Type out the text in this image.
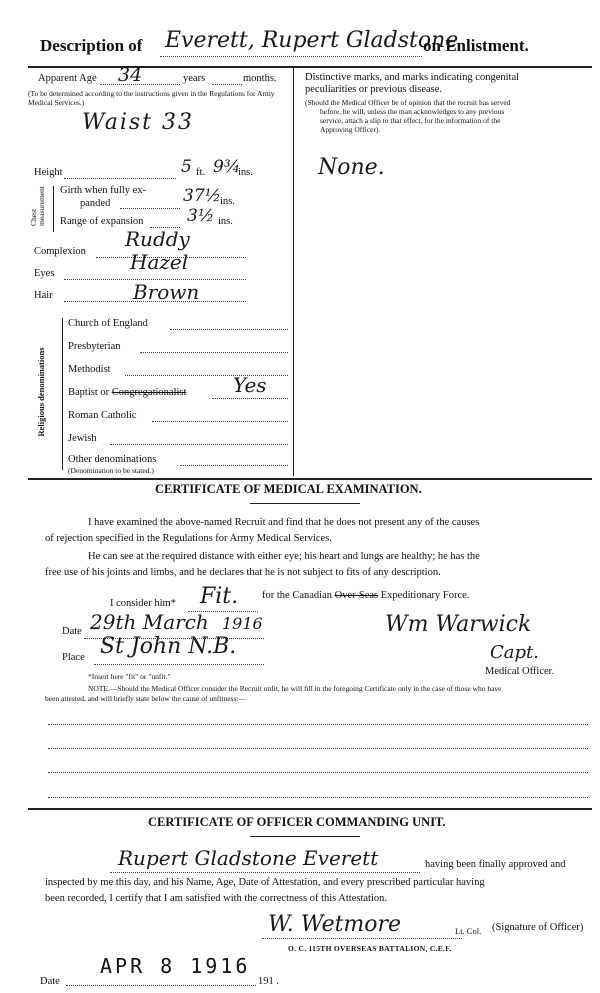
Description of Everett, Rupert Gladstone
on Enlistment.
Apparent Age 34	years	months.
(To be determined according to the instructions given in the Regulations for Army Medical Services.)
Waist 33
Height	5 ft. 9¾
ins.
Chest measurement Girth when fully ex-
panded	37½
ins.
Range of expansion	3½ ins.
Complexion
Ruddy
Eyes	Hazel
Hair	Brown
Religious denominations
Church of England
Presbyterian
Methodist
Baptist or Congregationalist Yes
Roman Catholic
Jewish
Other denominations
(Denomination to be stated.)
Distinctive marks, and marks indicating congenital
peculiarities or previous disease.
(Should the Medical Officer be of opinion that the recruit has served
before, he will, unless the man acknowledges to any previous
service, attach a slip to that effect, for the information of the
Approving Officer).
None.
CERTIFICATE OF MEDICAL EXAMINATION.
I have examined the above-named Recruit and find that he does not present any of the causes
of rejection specified in the Regulations for Army Medical Services.
He can see at the required distance with either eye; his heart and lungs are healthy; he has the
free use of his joints and limbs, and he declares that he is not subject to fits of any description.
I consider him* Fit. for the Canadian Over-Seas Expeditionary Force.
Date 29th March 1916	Wm Warwick
Capt.
Medical Officer.
Place St John N.B.
*Insert here "fit" or "unfit."
NOTE.—Should the Medical Officer consider the Recruit unfit, he will fill in the foregoing Certificate only in the case of those who have
been attested, and will briefly state below the cause of unfitness:—
CERTIFICATE OF OFFICER COMMANDING UNIT.
Rupert Gladstone Everett	having been finally approved and
inspected by me this day, and his Name, Age, Date of Attestation, and every prescribed particular having
been recorded, I certify that I am satisfied with the correctness of this Attestation.
W. Wetmore	Lt. Col. (Signature of Officer)
O. C. 115TH OVERSEAS BATTALION, C.E.F.
APR 8 1916
Date	191 .
